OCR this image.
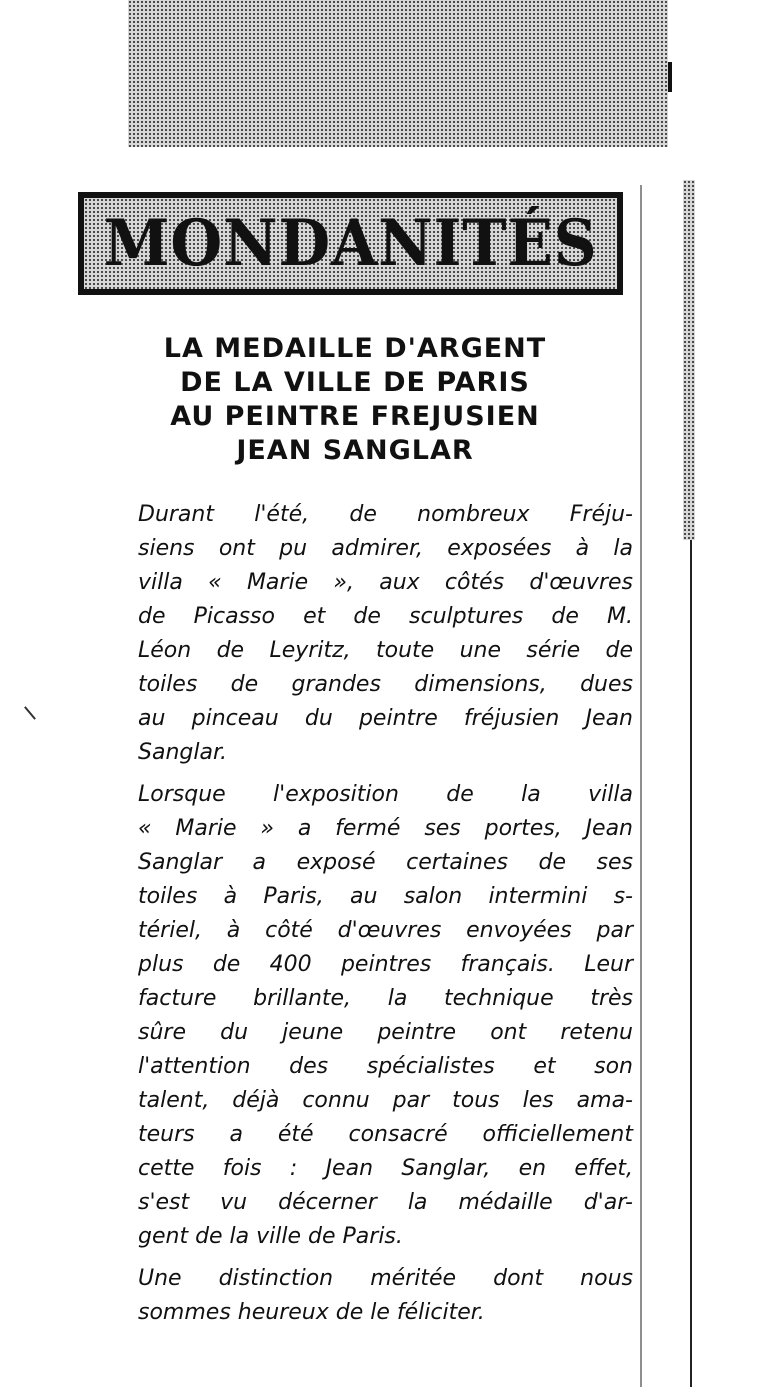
MONDANITÉS
LA MEDAILLE D'ARGENT
DE LA VILLE DE PARIS
AU PEINTRE FREJUSIEN
JEAN SANGLAR
Durant l'été, de nombreux Fréju-
siens ont pu admirer, exposées à la
villa « Marie », aux côtés d'œuvres
de Picasso et de sculptures de M.
Léon de Leyritz, toute une série de
toiles de grandes dimensions, dues
au pinceau du peintre fréjusien Jean
Sanglar.
Lorsque l'exposition de la villa
« Marie » a fermé ses portes, Jean
Sanglar a exposé certaines de ses
toiles à Paris, au salon intermini s-
tériel, à côté d'œuvres envoyées par
plus de 400 peintres français. Leur
facture brillante, la technique très
sûre du jeune peintre ont retenu
l'attention des spécialistes et son
talent, déjà connu par tous les ama-
teurs a été consacré officiellement
cette fois : Jean Sanglar, en effet,
s'est vu décerner la médaille d'ar-
gent de la ville de Paris.
Une distinction méritée dont nous
sommes heureux de le féliciter.
